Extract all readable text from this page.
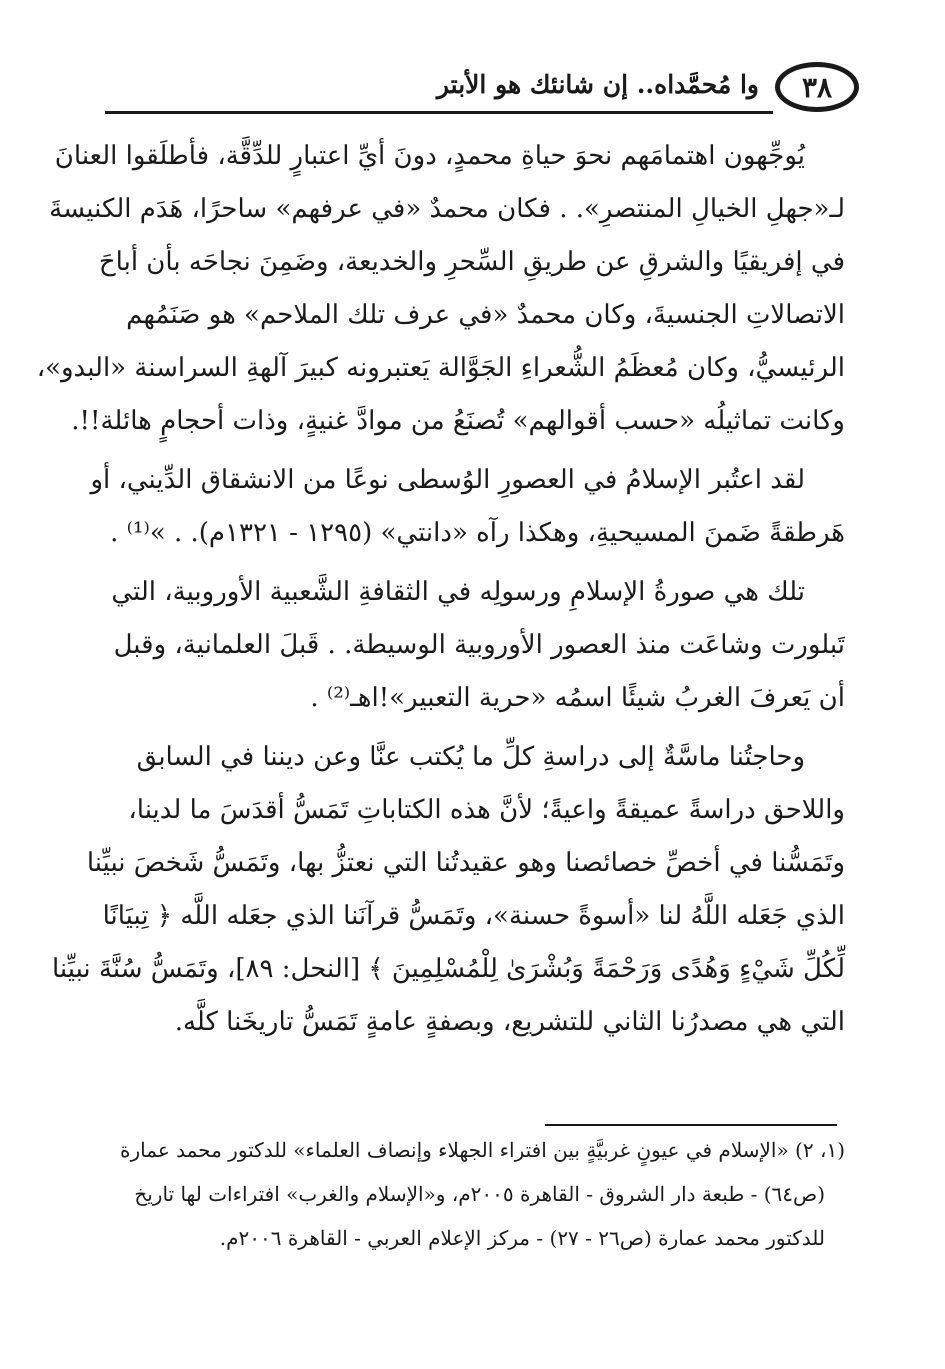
وا مُحمَّداه.. إن شانئك هو الأبتر ٣٨
يُوجِّهون اهتمامَهم نحوَ حياةِ محمدٍ، دونَ أيِّ اعتبارٍ للدِّقَّة، فأطلَقوا العنانَ
لـ«جهلِ الخيالِ المنتصرِ». . فكان محمدٌ «في عرفهم» ساحرًا، هَدَم الكنيسةَ
في إفريقيًا والشرقِ عن طريقِ السِّحرِ والخديعة، وضَمِنَ نجاحَه بأن أباحَ
الاتصالاتِ الجنسيةَ، وكان محمدٌ «في عرف تلك الملاحم» هو صَنَمُهم
الرئيسيُّ، وكان مُعظَمُ الشُّعراءِ الجَوَّالة يَعتبرونه كبيرَ آلهةِ السراسنة «البدو»،
وكانت تماثيلُه «حسب أقوالهم» تُصنَعُ من موادَّ غنيةٍ، وذات أحجامٍ هائلة!!.
لقد اعتُبر الإسلامُ في العصورِ الوُسطى نوعًا من الانشقاق الدِّيني، أو
هَرطقةً ضَمنَ المسيحيةِ، وهكذا رآه «دانتي» (١٢٩٥ - ١٣٢١م). . »⁽¹⁾ .
تلك هي صورةُ الإسلامِ ورسولِه في الثقافةِ الشَّعبية الأوروبية، التي
تَبلورت وشاعَت منذ العصور الأوروبية الوسيطة. . قَبلَ العلمانية، وقبل
أن يَعرفَ الغربُ شيئًا اسمُه «حرية التعبير»!اهـ⁽²⁾ .
وحاجتُنا ماسَّةٌ إلى دراسةِ كلِّ ما يُكتب عنَّا وعن ديننا في السابق
واللاحق دراسةً عميقةً واعيةً؛ لأنَّ هذه الكتاباتِ تَمَسُّ أقدَسَ ما لدينا،
وتَمَسُّنا في أخصِّ خصائصنا وهو عقيدتُنا التي نعتزُّ بها، وتَمَسُّ شَخصَ نبيِّنا
الذي جَعَله اللَّهُ لنا «أسوةً حسنة»، وتَمَسُّ قرآنَنا الذي جعَله اللَّه ﴿ تِبيَانًا
لِّكُلِّ شَيْءٍ وَهُدًى وَرَحْمَةً وَبُشْرَىٰ لِلْمُسْلِمِينَ ﴾ [النحل: ٨٩]، وتَمَسُّ سُنَّةَ نبيِّنا
التي هي مصدرُنا الثاني للتشريع، وبصفةٍ عامةٍ تَمَسُّ تاريخَنا كلَّه.
(١، ٢) «الإسلام في عيونٍ غربيَّةٍ بين افتراء الجهلاء وإنصاف العلماء» للدكتور محمد عمارة
(ص٦٤) - طبعة دار الشروق - القاهرة ٢٠٠٥م، و«الإسلام والغرب» افتراءات لها تاريخ
للدكتور محمد عمارة (ص٢٦ - ٢٧) - مركز الإعلام العربي - القاهرة ٢٠٠٦م.
